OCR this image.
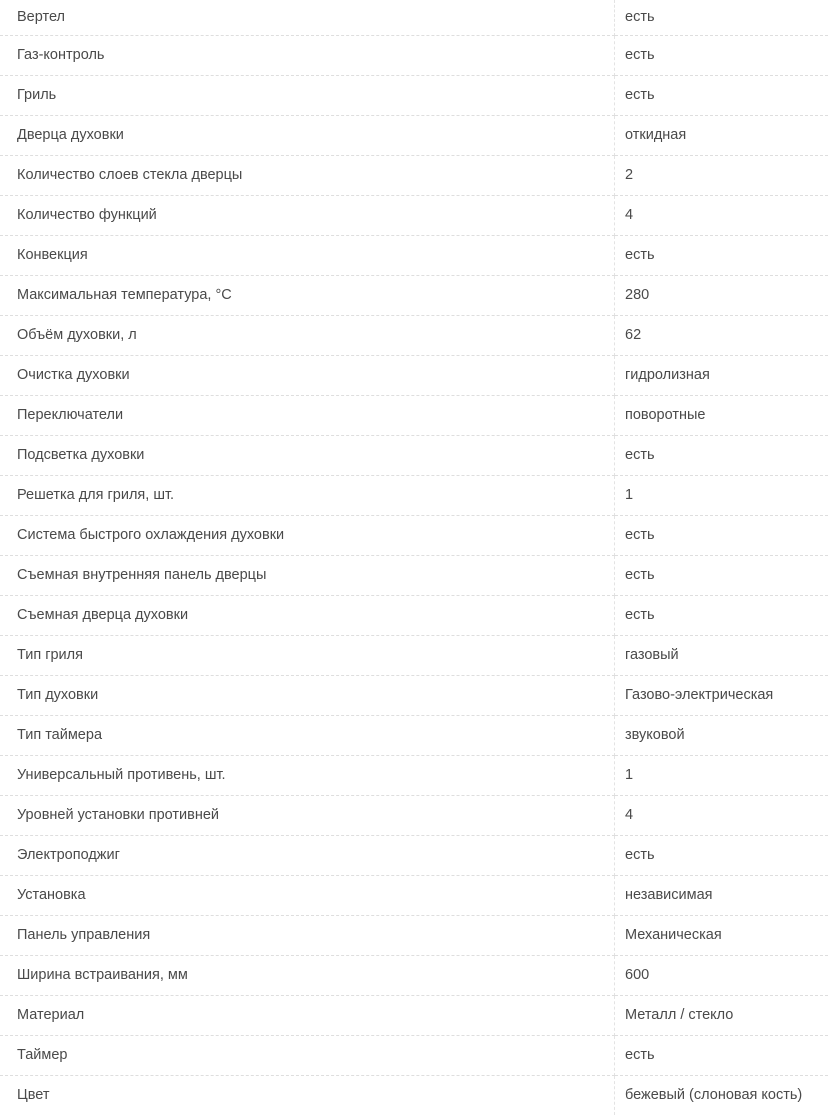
Вертел	есть
Газ-контроль	есть
Гриль	есть
Дверца духовки	откидная
Количество слоев стекла дверцы	2
Количество функций	4
Конвекция	есть
Максимальная температура, °C	280
Объём духовки, л	62
Очистка духовки	гидролизная
Переключатели	поворотные
Подсветка духовки	есть
Решетка для гриля, шт.	1
Система быстрого охлаждения духовки	есть
Съемная внутренняя панель дверцы	есть
Съемная дверца духовки	есть
Тип гриля	газовый
Тип духовки	Газово-электрическая
Тип таймера	звуковой
Универсальный противень, шт.	1
Уровней установки противней	4
Электроподжиг	есть
Установка	независимая
Панель управления	Механическая
Ширина встраивания, мм	600
Материал	Металл / стекло
Таймер	есть
Цвет	бежевый (слоновая кость)
